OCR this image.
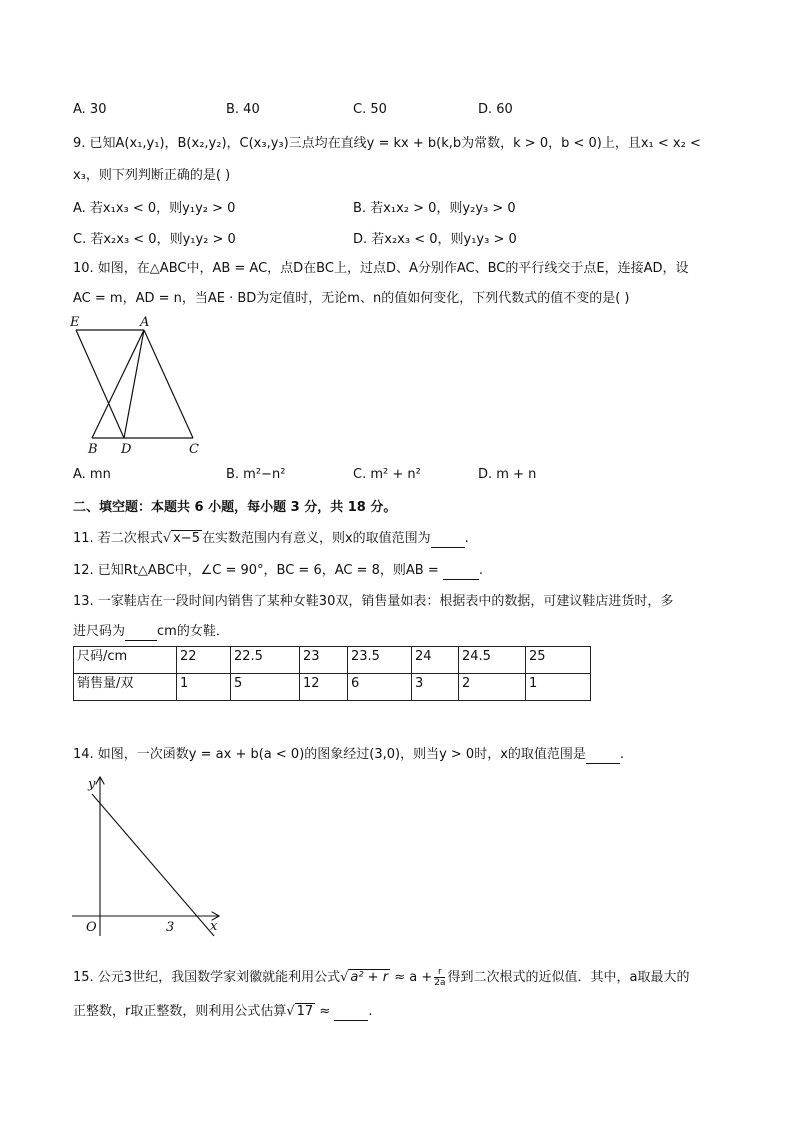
A. 30	B. 40	C. 50	D. 60
9. 已知A(x₁,y₁)，B(x₂,y₂)，C(x₃,y₃)三点均在直线y = kx + b(k,b为常数，k > 0，b < 0)上，且x₁ < x₂ <
x₃，则下列判断正确的是( )
A. 若x₁x₃ < 0，则y₁y₂ > 0	B. 若x₁x₂ > 0，则y₂y₃ > 0
C. 若x₂x₃ < 0，则y₁y₂ > 0	D. 若x₂x₃ < 0，则y₁y₃ > 0
10. 如图，在△ABC中，AB = AC，点D在BC上，过点D、A分别作AC、BC的平行线交于点E，连接AD，设
AC = m，AD = n，当AE · BD为定值时，无论m、n的值如何变化，下列代数式的值不变的是( )
E	A
B D	C
A. mn	B. m²−n²	C. m² + n²	D. m + n
二、填空题：本题共 6 小题，每小题 3 分，共 18 分。
11. 若二次根式√ x−5 在实数范围内有意义，则x的取值范围为	.
12. 已知Rt△ABC中，∠C = 90°，BC = 6，AC = 8，则AB =	.
13. 一家鞋店在一段时间内销售了某种女鞋30双，销售量如表：根据表中的数据，可建议鞋店进货时，多
进尺码为 cm的女鞋．
尺码/cm	22	22.5	23	23.5	24	24.5	25
销售量/双	1	5	12	6	3	2	1
14. 如图，一次函数y = ax + b(a < 0)的图象经过(3,0)，则当y > 0时，x的取值范围是	.
y
x
O	3
15. 公元3世纪，我国数学家刘徽就能利用公式√ $a^2 + r \approx a + \frac{r}{2a}$ 得到二次根式的近似值．其中，a取最大的
正整数，r取正整数，则利用公式估算√ 17 ≈	.
